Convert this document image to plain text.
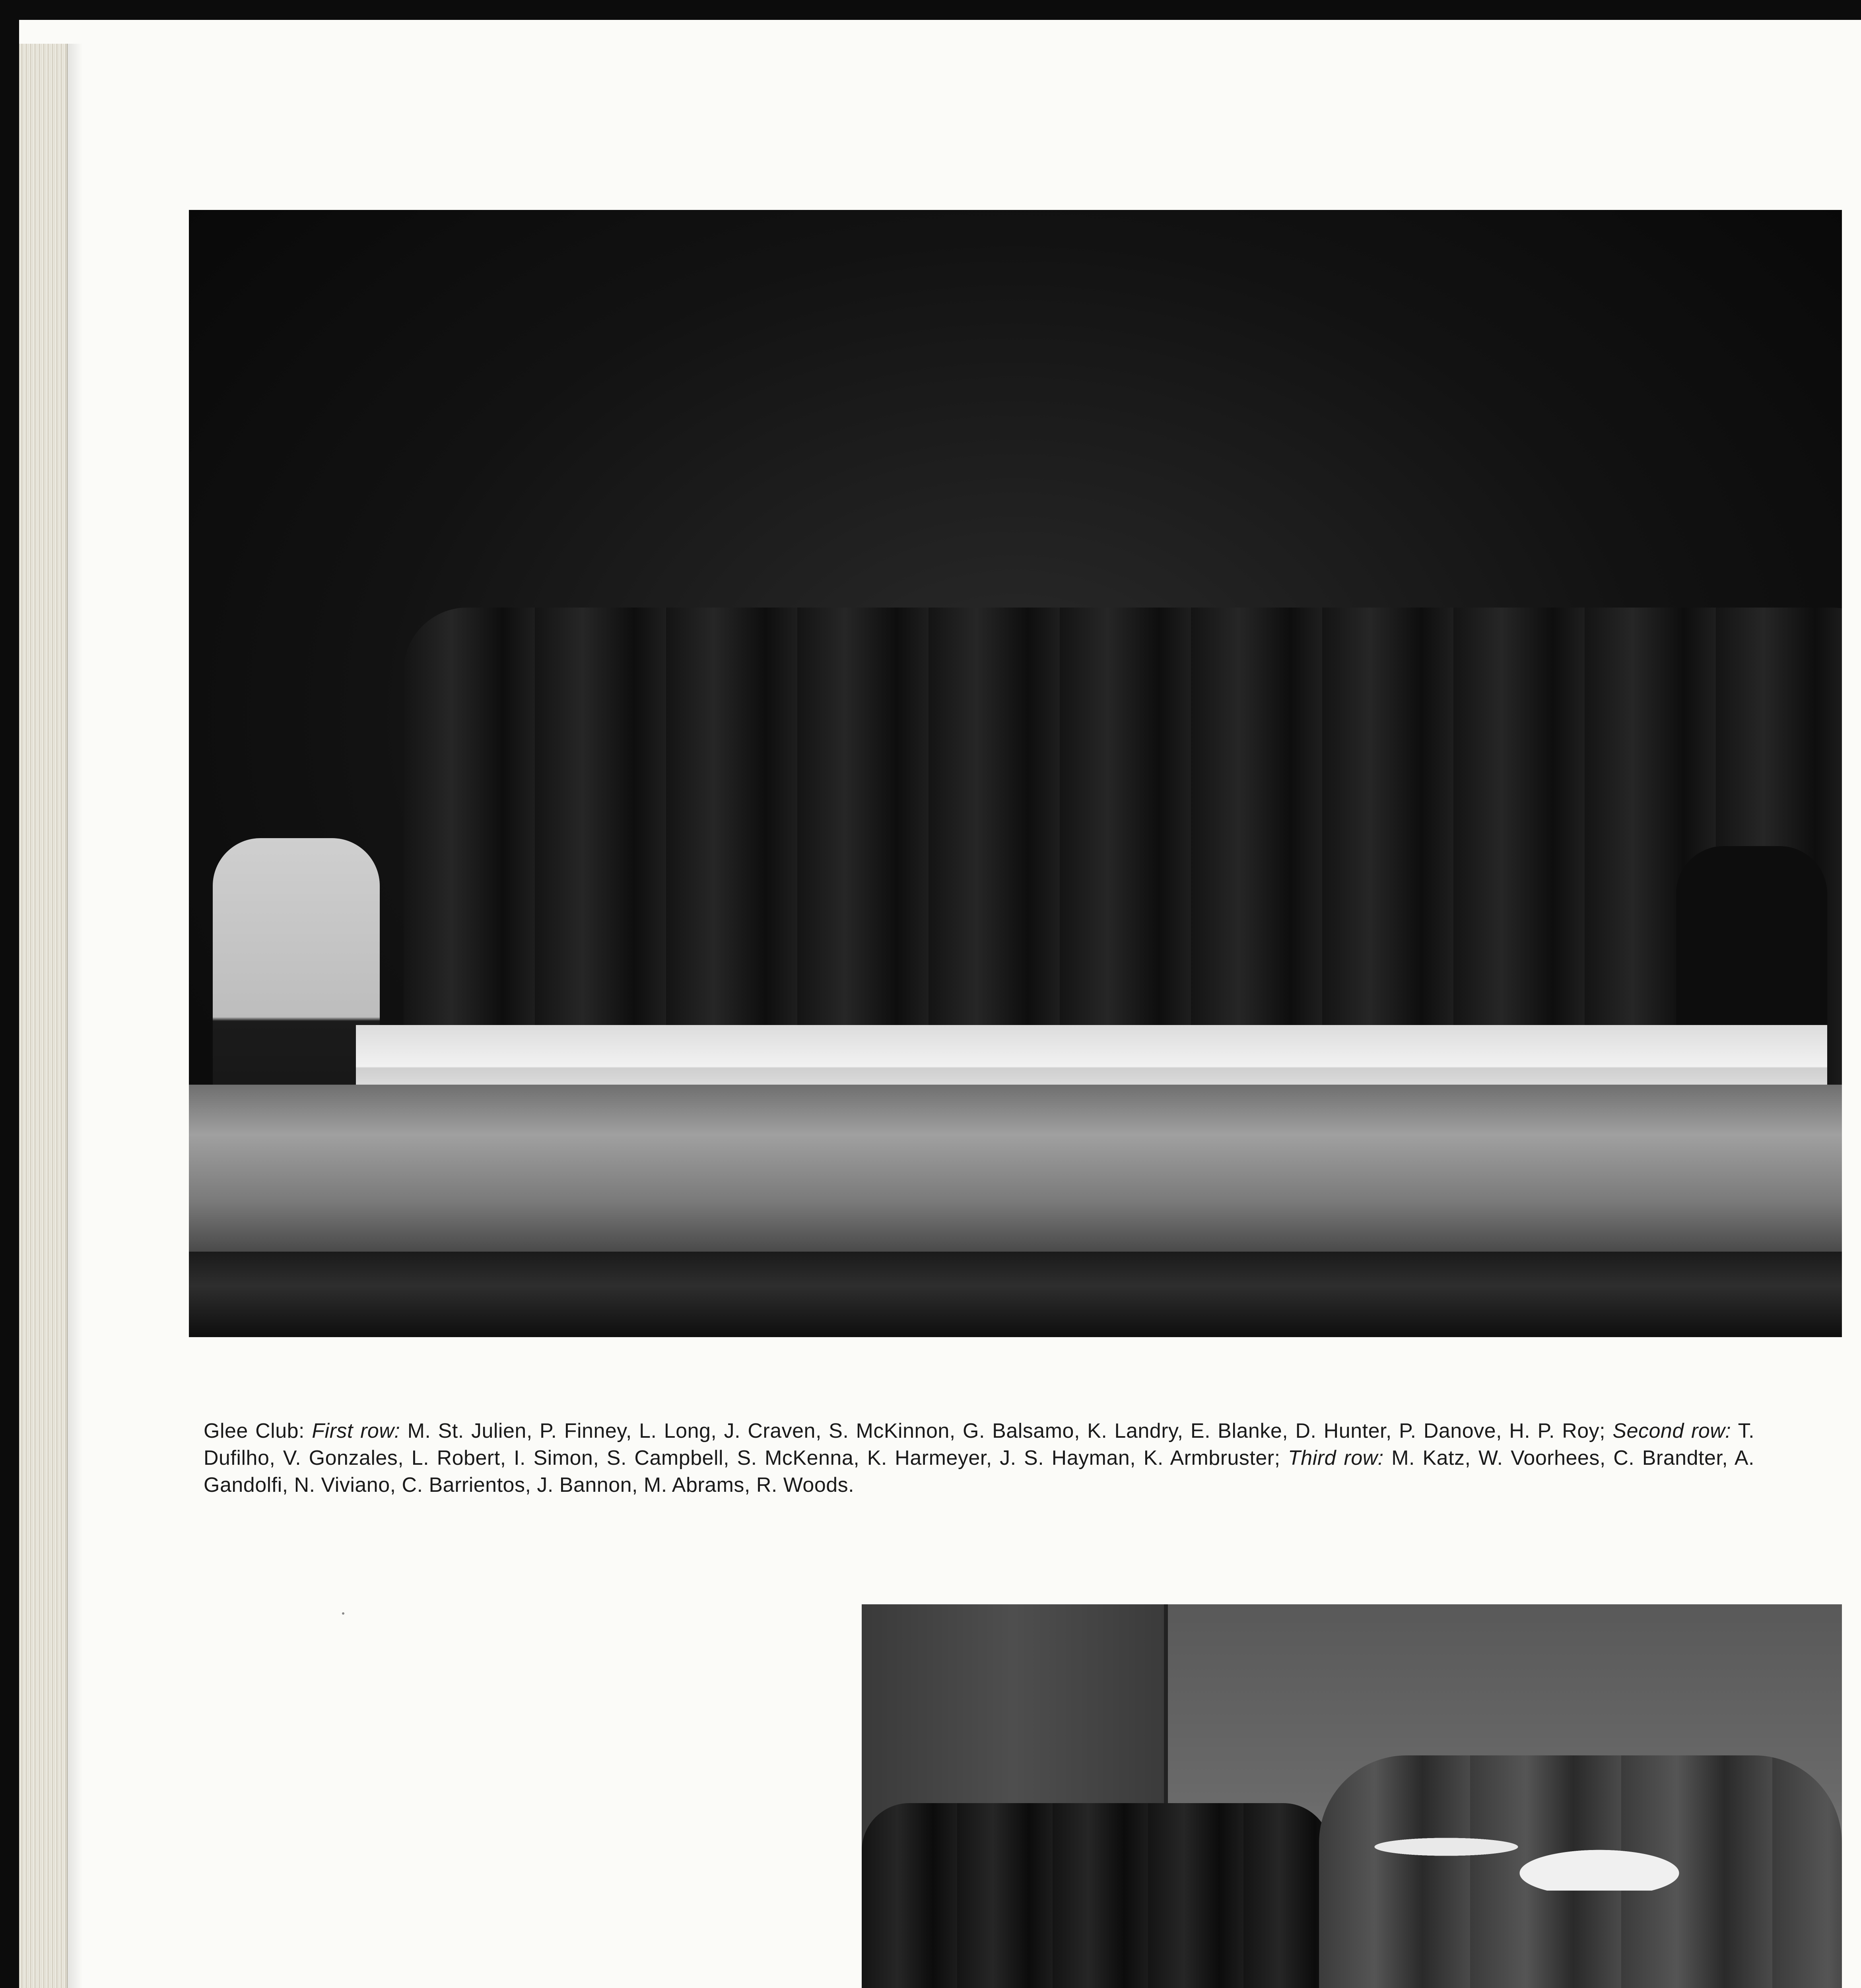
Glee Club: First row: M. St. Julien, P. Finney, L. Long, J. Craven, S. McKinnon, G. Balsamo, K. Landry, E. Blanke, D. Hunter, P. Danove, H. P. Roy; Second row: T. Dufilho, V. Gonzales, L. Robert, I. Simon, S. Campbell, S. McKenna, K. Harmeyer, J. S. Hayman, K. Armbruster; Third row: M. Katz, W. Voorhees, C. Brandter, A. Gandolfi, N. Viviano, C. Barrientos, J. Bannon, M. Abrams, R. Woods.
